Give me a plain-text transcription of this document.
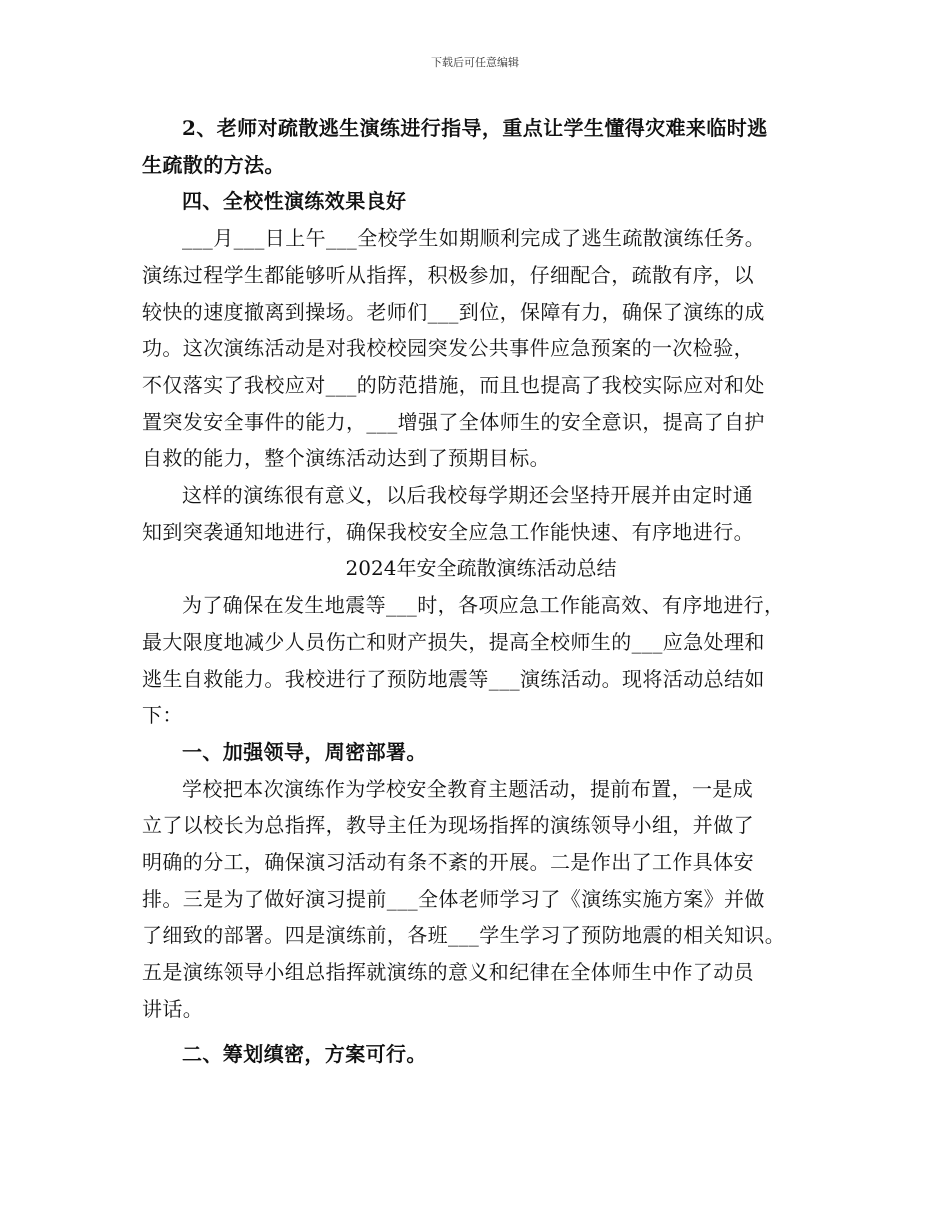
下载后可任意编辑
2、老师对疏散逃生演练进行指导，重点让学生懂得灾难来临时逃
生疏散的方法。
四、全校性演练效果良好
___月___日上午___全校学生如期顺利完成了逃生疏散演练任务。
演练过程学生都能够听从指挥，积极参加，仔细配合，疏散有序，以
较快的速度撤离到操场。老师们___到位，保障有力，确保了演练的成
功。这次演练活动是对我校校园突发公共事件应急预案的一次检验，
不仅落实了我校应对___的防范措施，而且也提高了我校实际应对和处
置突发安全事件的能力，___增强了全体师生的安全意识，提高了自护
自救的能力，整个演练活动达到了预期目标。
这样的演练很有意义，以后我校每学期还会坚持开展并由定时通
知到突袭通知地进行，确保我校安全应急工作能快速、有序地进行。
2024年安全疏散演练活动总结
为了确保在发生地震等___时，各项应急工作能高效、有序地进行，
最大限度地减少人员伤亡和财产损失，提高全校师生的___应急处理和
逃生自救能力。我校进行了预防地震等___演练活动。现将活动总结如
下：
一、加强领导，周密部署。
学校把本次演练作为学校安全教育主题活动，提前布置，一是成
立了以校长为总指挥，教导主任为现场指挥的演练领导小组，并做了
明确的分工，确保演习活动有条不紊的开展。二是作出了工作具体安
排。三是为了做好演习提前___全体老师学习了《演练实施方案》并做
了细致的部署。四是演练前，各班___学生学习了预防地震的相关知识。
五是演练领导小组总指挥就演练的意义和纪律在全体师生中作了动员
讲话。
二、筹划缜密，方案可行。
